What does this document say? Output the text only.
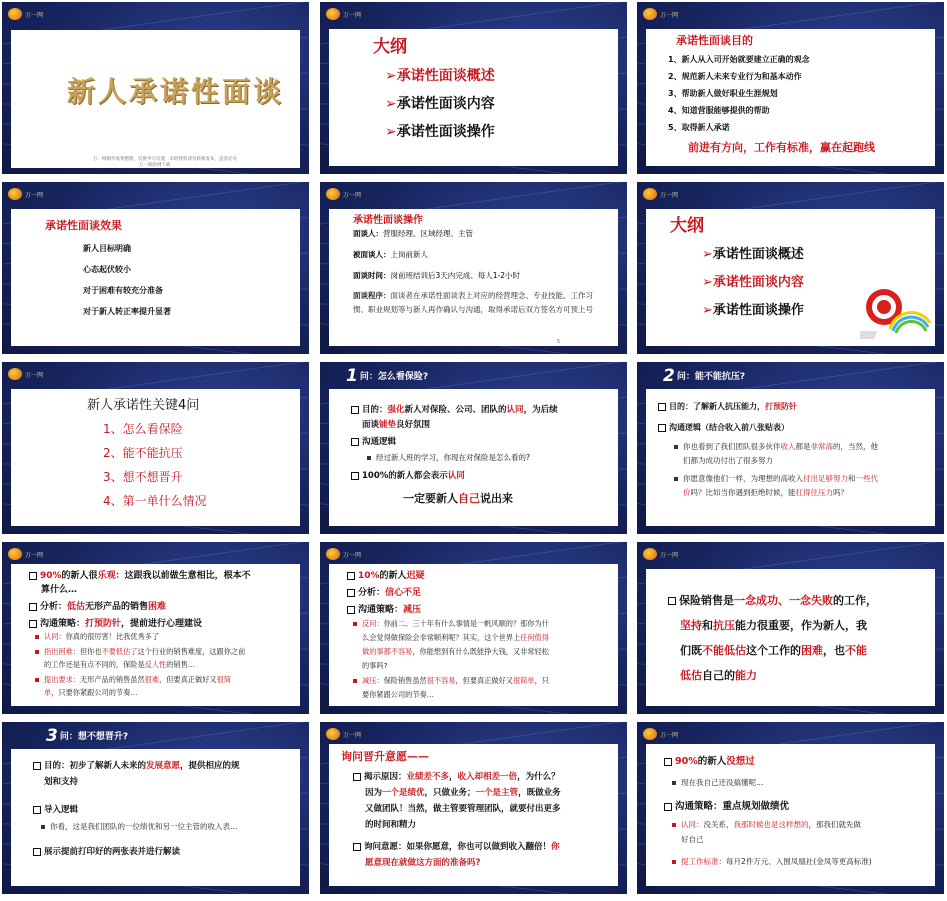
万一网
新人承诺性面谈
万一网制作收集整理，仅供学习交流，未经授权请勿转载发布，违者必究
万一保险网下载
万一网
大纲
➢承诺性面谈概述
➢承诺性面谈内容
➢承诺性面谈操作
万一网
承诺性面谈目的
1、新人从入司开始就要建立正确的观念
2、规范新人未来专业行为和基本动作
3、帮助新人做好职业生涯规划
4、知道营服能够提供的帮助
5、取得新人承诺
前进有方向，工作有标准，赢在起跑线
万一网
承诺性面谈效果
新人目标明确
心态起伏较小
对于困难有较充分准备
对于新人转正率提升显著
万一网
承诺性面谈操作
面谈人：营服经理、区域经理、主管
被面谈人：上岗前新人
面谈时间：岗前班结训后3天内完成、每人1-2小时
面谈程序：面谈者在承诺性面谈表上对应的经营理念、专业技能、工作习惯、职业规划等与新人再作确认与沟通，取得承诺后双方签名方可预上号
5
万一网
大纲
➢承诺性面谈概述
➢承诺性面谈内容
➢承诺性面谈操作
万一网
新人承诺性关键4问
1、怎么看保险
2、能不能抗压
3、想不想晋升
4、第一单什么情况
1 问：怎么看保险?
目的：强化新人对保险、公司、团队的认同，为后续
面谈铺垫良好氛围
沟通逻辑
经过新人班的学习，你现在对保险是怎么看的?
100%的新人都会表示认同
一定要新人自己说出来
2 问：能不能抗压?
目的：了解新人抗压能力，打预防针
沟通逻辑（结合收入前八张贴表）
你也看到了我们团队很多伙伴收入都是非常高的，当然，他
们都为成功付出了很多努力
你愿意像他们一样，为理想的高收入付出足够努力和一些代
价吗？比如当你遇到拒绝时候，能扛得住压力吗？
万一网
90%的新人很乐观：这跟我以前做生意相比，根本不
算什么…
分析：低估无形产品的销售困难
沟通策略：打预防针，提前进行心理建设
认同：你真的很厉害！比我优秀多了
指出困难：但你也不要低估了这个行业的销售难度，这跟你之前
的工作还是有点不同的，保险是反人性的销售…
提出要求：无形产品的销售虽然很难，但要真正做好又很简
单，只要你紧跟公司的节奏…
万一网
10%的新人迟疑
分析：信心不足
沟通策略：减压
反问：你前二、三十年有什么事情是一帆风顺的？那你为什
么会觉得做保险会非常顺利呢？其实，这个世界上任何值得
做的事都不容易，你能想到有什么既能挣大钱，又非常轻松
的事吗?
减压：保险销售虽然很不容易，但要真正做好又很简单，只
要你紧跟公司的节奏…
万一网
保险销售是一念成功、一念失败的工作，
坚持和抗压能力很重要，作为新人，我
们既不能低估这个工作的困难，也不能
低估自己的能力
3 问：想不想晋升?
目的：初步了解新人未来的发展意愿，提供相应的规
划和支持
导入逻辑
你看，这是我们团队的一位绩优和另一位主管的收入表…
展示提前打印好的两张表并进行解读
万一网
询问晋升意愿——
揭示原因：业绩差不多，收入却相差一倍，为什么？
因为一个是绩优，只做业务；一个是主管，既做业务
又做团队！当然，做主管要管理团队，就要付出更多
的时间和精力
询问意愿：如果你愿意，你也可以做到收入翻倍！你
愿意现在就做这方面的准备吗?
万一网
90%的新人没想过
现在我自己还没搞懂呢…
沟通策略：重点规划做绩优
认同：没关系，我那时候也是这样想的，那我们就先做
好自己
提工作标准：每月2件万元、入围凤凰社(金凤等更高标准)
